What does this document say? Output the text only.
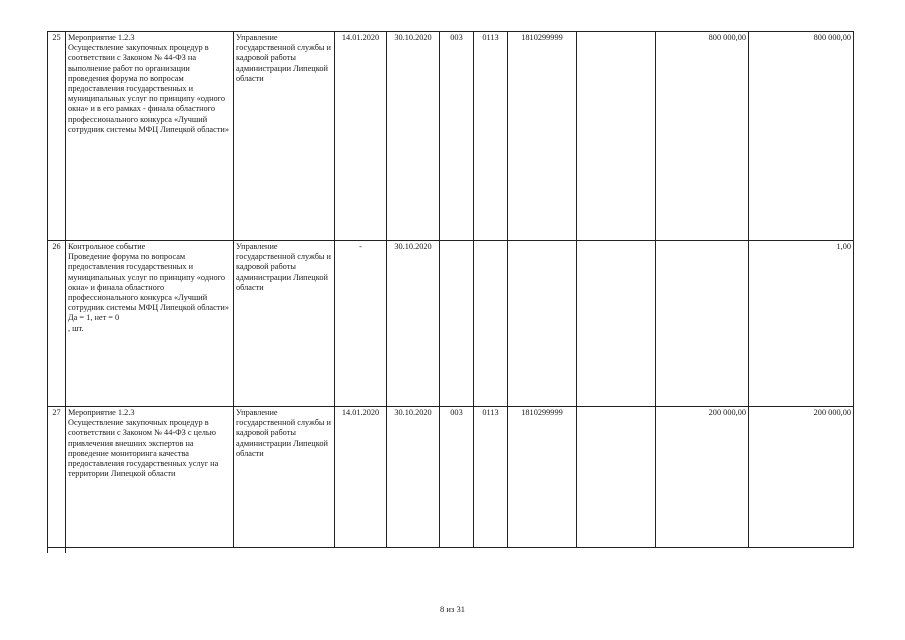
25	Мероприятие 1.2.3
Осуществление закупочных процедур в соответствии с Законом № 44-ФЗ на выполнение работ по организации проведения форума по вопросам предоставления государственных и муниципальных услуг по принципу «одного окна» и в его рамках - финала областного профессионального конкурса «Лучший сотрудник системы МФЦ Липецкой области»	Управление государственной службы и кадровой работы администрации Липецкой области	14.01.2020	30.10.2020	003	0113	1810299999		800 000,00	800 000,00
26	Контрольное событие
Проведение форума по вопросам предоставления государственных и муниципальных услуг по принципу «одного окна» и финала областного профессионального конкурса «Лучший сотрудник системы МФЦ Липецкой области» Да = 1, нет = 0
, шт.	Управление государственной службы и кадровой работы администрации Липецкой области	-	30.10.2020						1,00
27	Мероприятие 1.2.3
Осуществление закупочных процедур в соответствии с Законом № 44-ФЗ с целью привлечения внешних экспертов на проведение мониторинга качества предоставления государственных услуг на территории Липецкой области	Управление государственной службы и кадровой работы администрации Липецкой области	14.01.2020	30.10.2020	003	0113	1810299999		200 000,00	200 000,00
8 из 31
